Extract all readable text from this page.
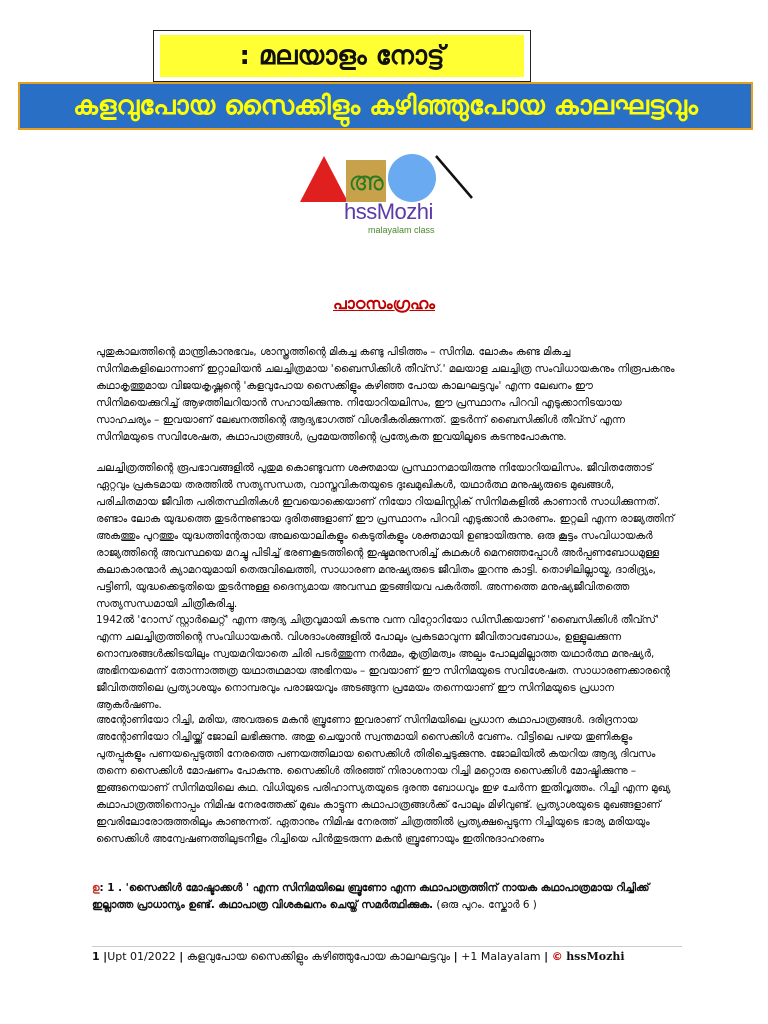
: മലയാളം നോട്ട്
കളവുപോയ സൈക്കിളും കഴിഞ്ഞുപോയ കാലഘട്ടവും
അ
hssMozhi
malayalam class
പാഠസംഗ്രഹം

പുതുകാലത്തിന്റെ മാന്ത്രികാനുഭവം, ശാസ്ത്രത്തിന്റെ മികച്ച കണ്ടു പിടിത്തം – സിനിമ. ലോകം കണ്ട മികച്ച സിനിമകളിലൊന്നാണ് ഇറ്റാലിയൻ ചലച്ചിത്രമായ 'ബൈസിക്കിൾ തീവ്സ്.' മലയാള ചലച്ചിത്ര സംവിധായകനും നിരൂപകനും കഥാകൃത്തുമായ വിജയകൃഷ്ണന്റെ 'കളവുപോയ സൈക്കിളും കഴിഞ്ഞ പോയ കാലഘട്ടവും' എന്ന ലേഖനം ഈ സിനിമയെക്കുറിച്ച് ആഴത്തിലറിയാൻ സഹായിക്കുന്നു. നിയോറിയലിസം, ഈ പ്രസ്ഥാനം പിറവി എടുക്കാനിടയായ സാഹചര്യം – ഇവയാണ് ലേഖനത്തിന്റെ ആദ്യഭാഗത്ത് വിശദീകരിക്കുന്നത്. തുടർന്ന് ബൈസിക്കിൾ തീവ്സ് എന്ന സിനിമയുടെ സവിശേഷത, കഥാപാത്രങ്ങൾ, പ്രമേയത്തിന്റെ പ്രത്യേകത ഇവയിലൂടെ കടന്നുപോകുന്നു.

ചലച്ചിത്രത്തിന്റെ രൂപഭാവങ്ങളിൽ പുതുമ കൊണ്ടുവന്ന ശക്തമായ പ്രസ്ഥാനമായിരുന്നു നിയോറിയലിസം. ജീവിതത്തോട് ഏറ്റവും പ്രകടമായ തരത്തിൽ സത്യസന്ധത, വാസ്തവികതയുടെ ദുഃഖമുഖികൾ, യഥാർത്ഥ മനുഷ്യരുടെ മുഖങ്ങൾ, പരിചിതമായ ജീവിത പരിതസ്ഥിതികൾ ഇവയൊക്കെയാണ് നിയോ റിയലിസ്റ്റിക് സിനിമകളിൽ കാണാൻ സാധിക്കുന്നത്. രണ്ടാം ലോക യുദ്ധത്തെ തുടർന്നുണ്ടായ ദുരിതങ്ങളാണ് ഈ പ്രസ്ഥാനം പിറവി എടുക്കാൻ കാരണം. ഇറ്റലി എന്ന രാജ്യത്തിന് അകത്തും പുറത്തും യുദ്ധത്തിന്റേതായ അലയൊലികളും കെടുതികളും ശക്തമായി ഉണ്ടായിരുന്നു. ഒരു കൂട്ടം സംവിധായകർ രാജ്യത്തിന്റെ അവസ്ഥയെ മറച്ചു പിടിച്ച് ഭരണകൂടത്തിന്റെ ഇഷ്ടമനുസരിച്ച് കഥകൾ മെനഞ്ഞപ്പോൾ അർപ്പണബോധമുള്ള കലാകാരന്മാർ ക്യാമറയുമായി തെരുവിലെത്തി, സാധാരണ മനുഷ്യരുടെ ജീവിതം തുറന്നു കാട്ടി. തൊഴിലില്ലായ്മ, ദാരിദ്ര്യം, പട്ടിണി, യുദ്ധക്കെടുതിയെ തുടർന്നുള്ള ദൈന്യമായ അവസ്ഥ തുടങ്ങിയവ പകർത്തി. അന്നത്തെ മനുഷ്യജീവിതത്തെ സത്യസന്ധമായി ചിത്രീകരിച്ചു.

1942ൽ 'റോസ് സ്റ്റാർലെറ്റ്' എന്ന ആദ്യ ചിത്രവുമായി കടന്നു വന്ന വിറ്റോറിയോ ഡിസീക്കയാണ് 'ബൈസിക്കിൾ തീവ്സ്' എന്ന ചലച്ചിത്രത്തിന്റെ സംവിധായകൻ. വിശദാംശങ്ങളിൽ പോലും പ്രകടമാവുന്ന ജീവിതാവബോധം, ഉള്ളുലക്കുന്ന നൊമ്പരങ്ങൾക്കിടയിലും സ്വയമറിയാതെ ചിരി പടർത്തുന്ന നർമ്മം, കൃത്രിമത്വം അല്പം പോലുമില്ലാത്ത യഥാർത്ഥ മനുഷ്യർ, അഭിനയമെന്ന് തോന്നാത്തത്ര യഥാതഥമായ അഭിനയം – ഇവയാണ് ഈ സിനിമയുടെ സവിശേഷത. സാധാരണക്കാരന്റെ ജീവിതത്തിലെ പ്രത്യാശയും നൊമ്പരവും പരാജയവും അടങ്ങുന്ന പ്രമേയം തന്നെയാണ് ഈ സിനിമയുടെ പ്രധാന ആകർഷണം.

അന്റോണിയോ റിച്ചി, മരിയ, അവരുടെ മകൻ ബ്രൂണോ ഇവരാണ് സിനിമയിലെ പ്രധാന കഥാപാത്രങ്ങൾ. ദരിദ്രനായ അന്റോണിയോ റിച്ചിയ്ക്ക് ജോലി ലഭിക്കുന്നു. അതു ചെയ്യാൻ സ്വന്തമായി സൈക്കിൾ വേണം. വീട്ടിലെ പഴയ തുണികളും പുതപ്പുകളും പണയപ്പെടുത്തി നേരത്തെ പണയത്തിലായ സൈക്കിൾ തിരിച്ചെടുക്കുന്നു. ജോലിയിൽ കയറിയ ആദ്യ ദിവസം തന്നെ സൈക്കിൾ മോഷണം പോകുന്നു. സൈക്കിൾ തിരഞ്ഞ് നിരാശനായ റിച്ചി മറ്റൊരു സൈക്കിൾ മോഷ്ടിക്കുന്നു – ഇങ്ങനെയാണ് സിനിമയിലെ കഥ. വിധിയുടെ പരിഹാസ്യതയുടെ ദുരന്ത ബോധവും ഇഴ ചേർന്ന ഇതിവൃത്തം. റിച്ചി എന്ന മുഖ്യ കഥാപാത്രത്തിനൊപ്പം നിമിഷ നേരത്തേക്ക് മുഖം കാട്ടുന്ന കഥാപാത്രങ്ങൾക്ക് പോലും മിഴിവുണ്ട്. പ്രത്യാശയുടെ മുഖങ്ങളാണ് ഇവരിലോരോരുത്തരിലും കാണുന്നത്. ഏതാനും നിമിഷ നേരത്ത് ചിത്രത്തിൽ പ്രത്യക്ഷപ്പെടുന്ന റിച്ചിയുടെ ഭാര്യ മരിയയും സൈക്കിൾ അന്വേഷണത്തിലുടനീളം റിച്ചിയെ പിൻതുടരുന്ന മകൻ ബ്രൂണോയും ഇതിനുദാഹരണം

ഉ: 1 . 'സൈക്കിൾ മോഷ്ടാക്കൾ ' എന്ന സിനിമയിലെ ബ്രൂണോ എന്ന കഥാപാത്രത്തിന് നായക കഥാപാത്രമായ റിച്ചിക്ക് ഇല്ലാത്ത പ്രാധാന്യം ഉണ്ട്. കഥാപാത്ര വിശകലനം ചെയ്ത് സമർത്ഥിക്കുക. (ഒരു പുറം. സ്കോർ 6 )
1 |Upt 01/2022 | കളവുപോയ സൈക്കിളും കഴിഞ്ഞുപോയ കാലഘട്ടവും | +1 Malayalam | © hssMozhi
